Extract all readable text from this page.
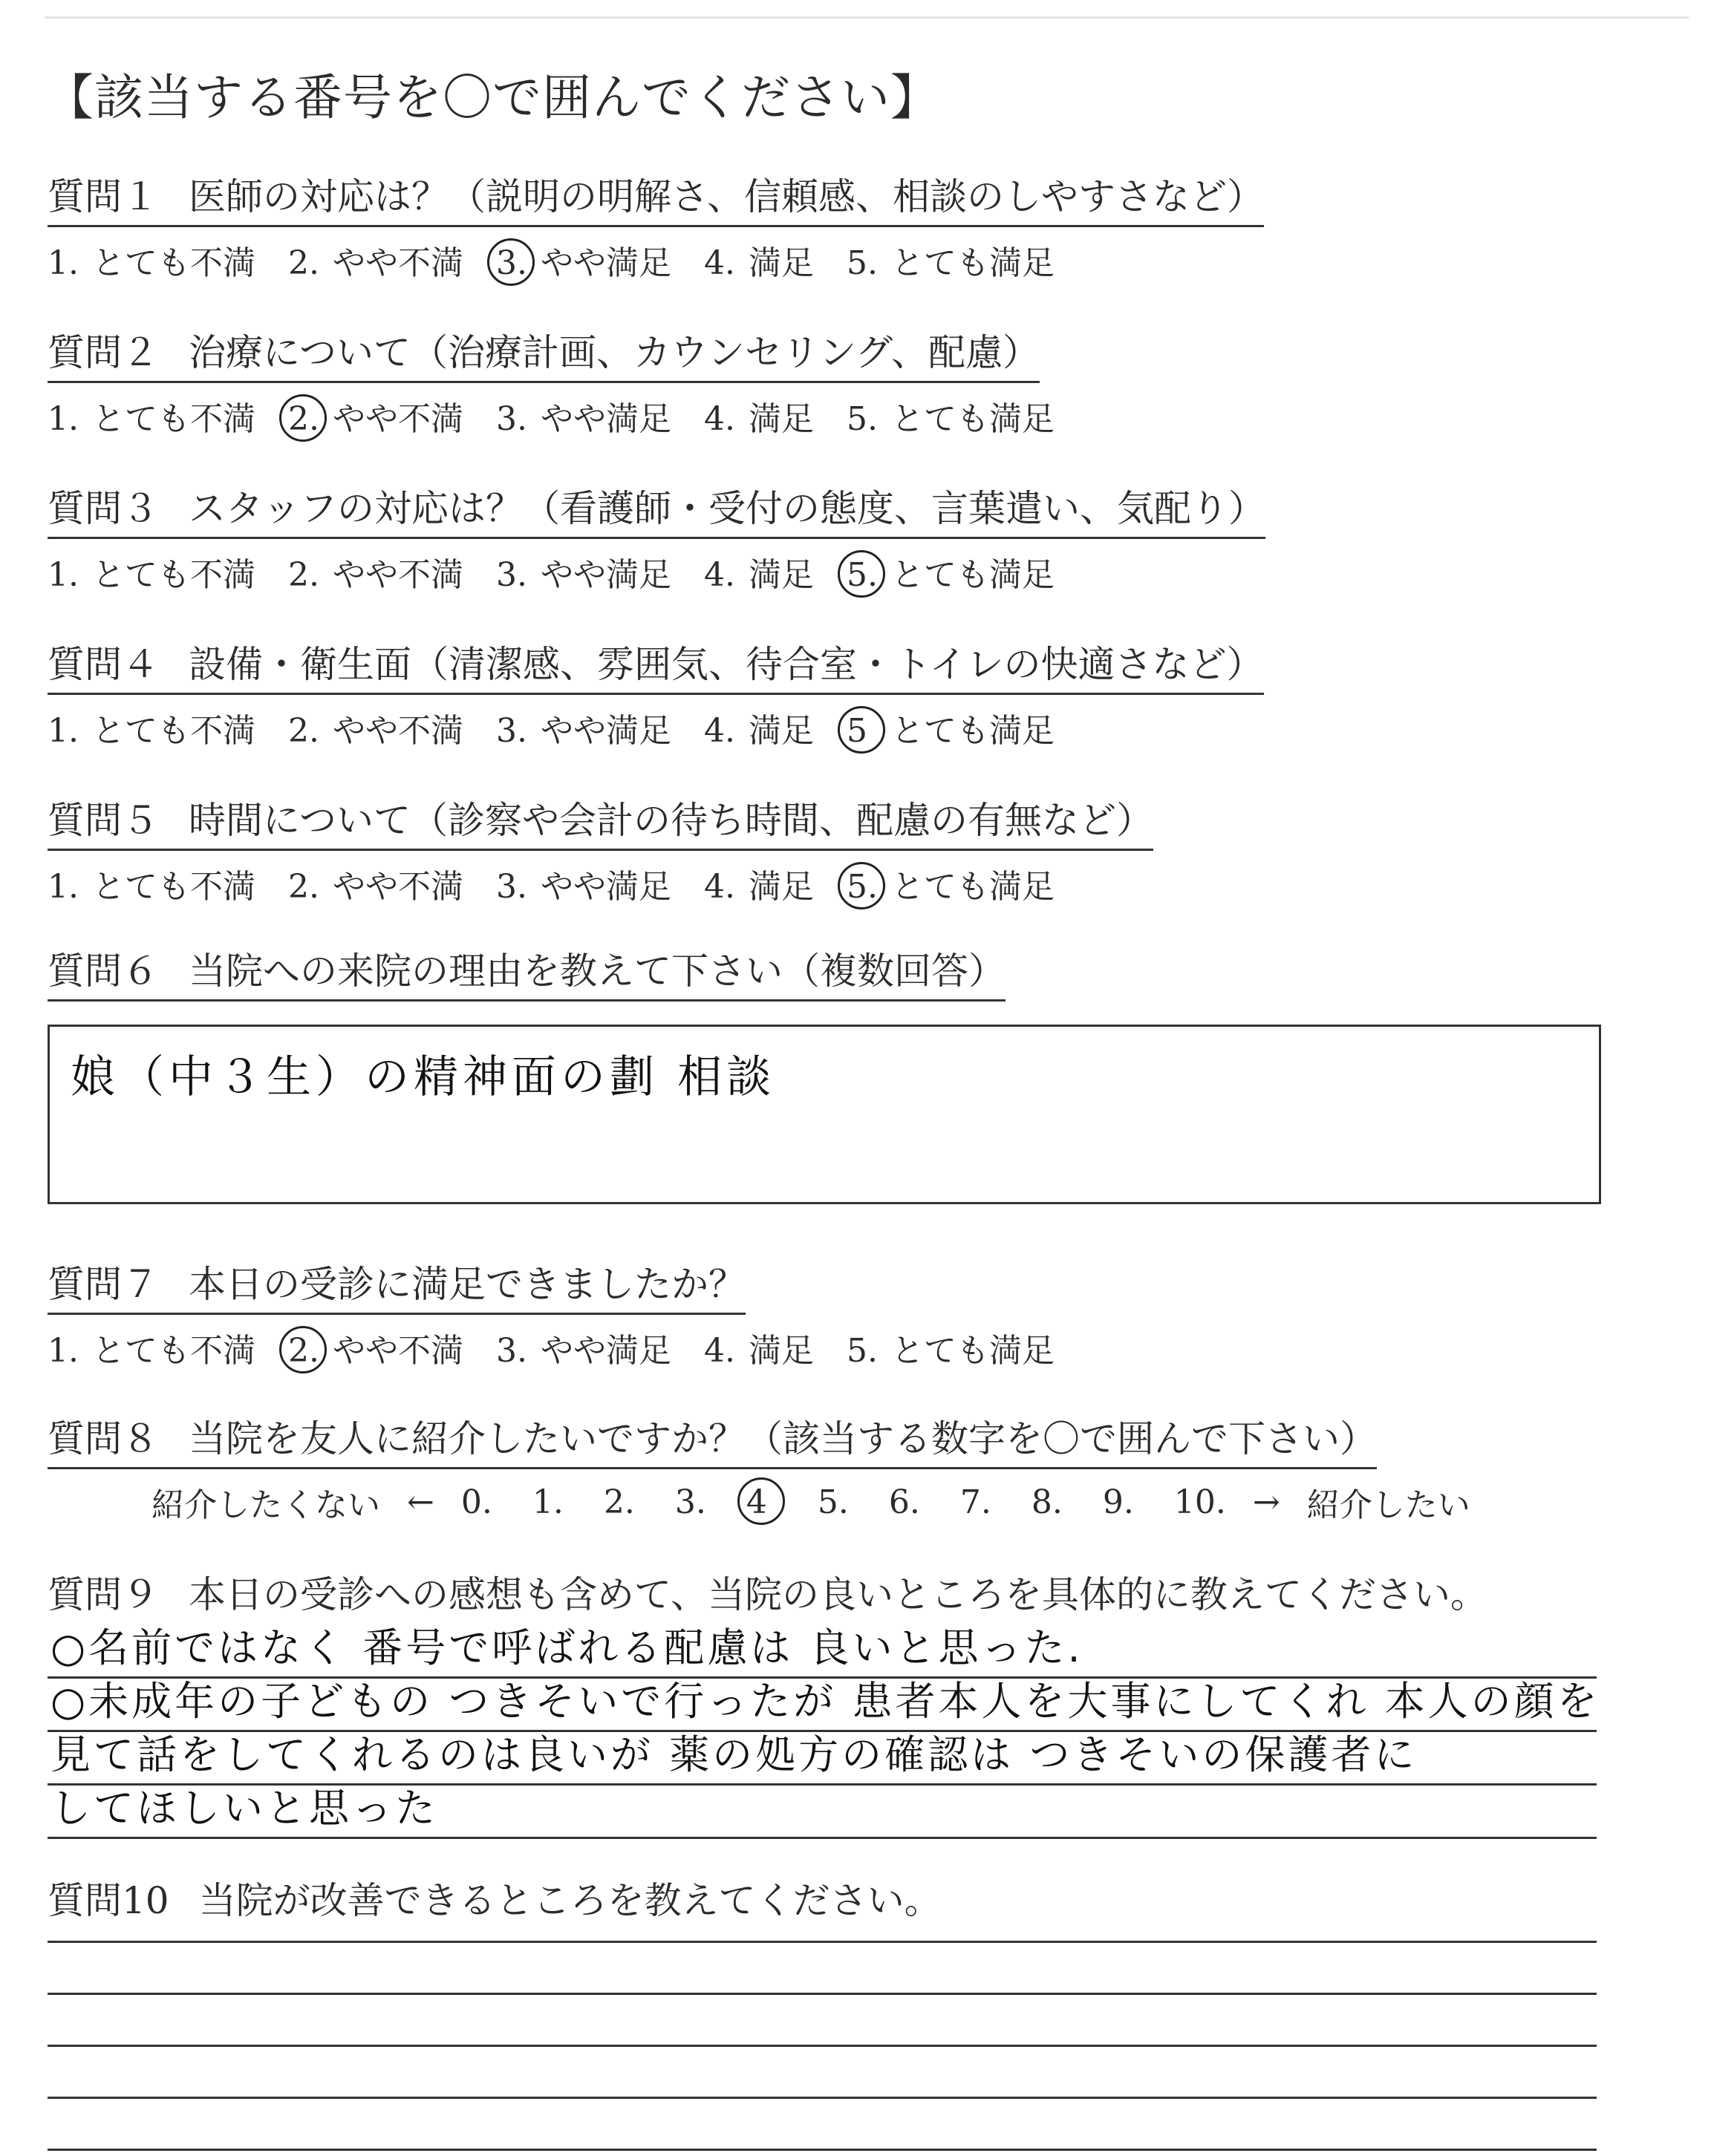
【該当する番号を〇で囲んでください】
質問１ 医師の対応は？（説明の明解さ、信頼感、相談のしやすさなど）
1. とても不満 2. やや不満 3. やや満足 4. 満足 5. とても満足
質問２ 治療について（治療計画、カウンセリング、配慮）
1. とても不満 2. やや不満 3. やや満足 4. 満足 5. とても満足
質問３ スタッフの対応は？（看護師・受付の態度、言葉遣い、気配り）
1. とても不満 2. やや不満 3. やや満足 4. 満足 5. とても満足
質問４ 設備・衛生面（清潔感、雰囲気、待合室・トイレの快適さなど）
1. とても不満 2. やや不満 3. やや満足 4. 満足 5 とても満足
質問５ 時間について（診察や会計の待ち時間、配慮の有無など）
1. とても不満 2. やや不満 3. やや満足 4. 満足 5. とても満足
質問６ 当院への来院の理由を教えて下さい（複数回答）
娘（中３生）の精神面の劃 相談
質問７ 本日の受診に満足できましたか？
1. とても不満 2. やや不満 3. やや満足 4. 満足 5. とても満足
質問８ 当院を友人に紹介したいですか？（該当する数字を〇で囲んで下さい）
紹介したくない ← 0.	1.	2.	3.	4	5.	6.	7.	8.	9.	10. → 紹介したい
質問９ 本日の受診への感想も含めて、当院の良いところを具体的に教えてください。
○名前ではなく 番号で呼ばれる配慮は 良いと思った.
○未成年の子どもの つきそいで行ったが 患者本人を大事にしてくれ 本人の顔を
見て話をしてくれるのは良いが 薬の処方の確認は つきそいの保護者に
してほしいと思った
質問10 当院が改善できるところを教えてください。
